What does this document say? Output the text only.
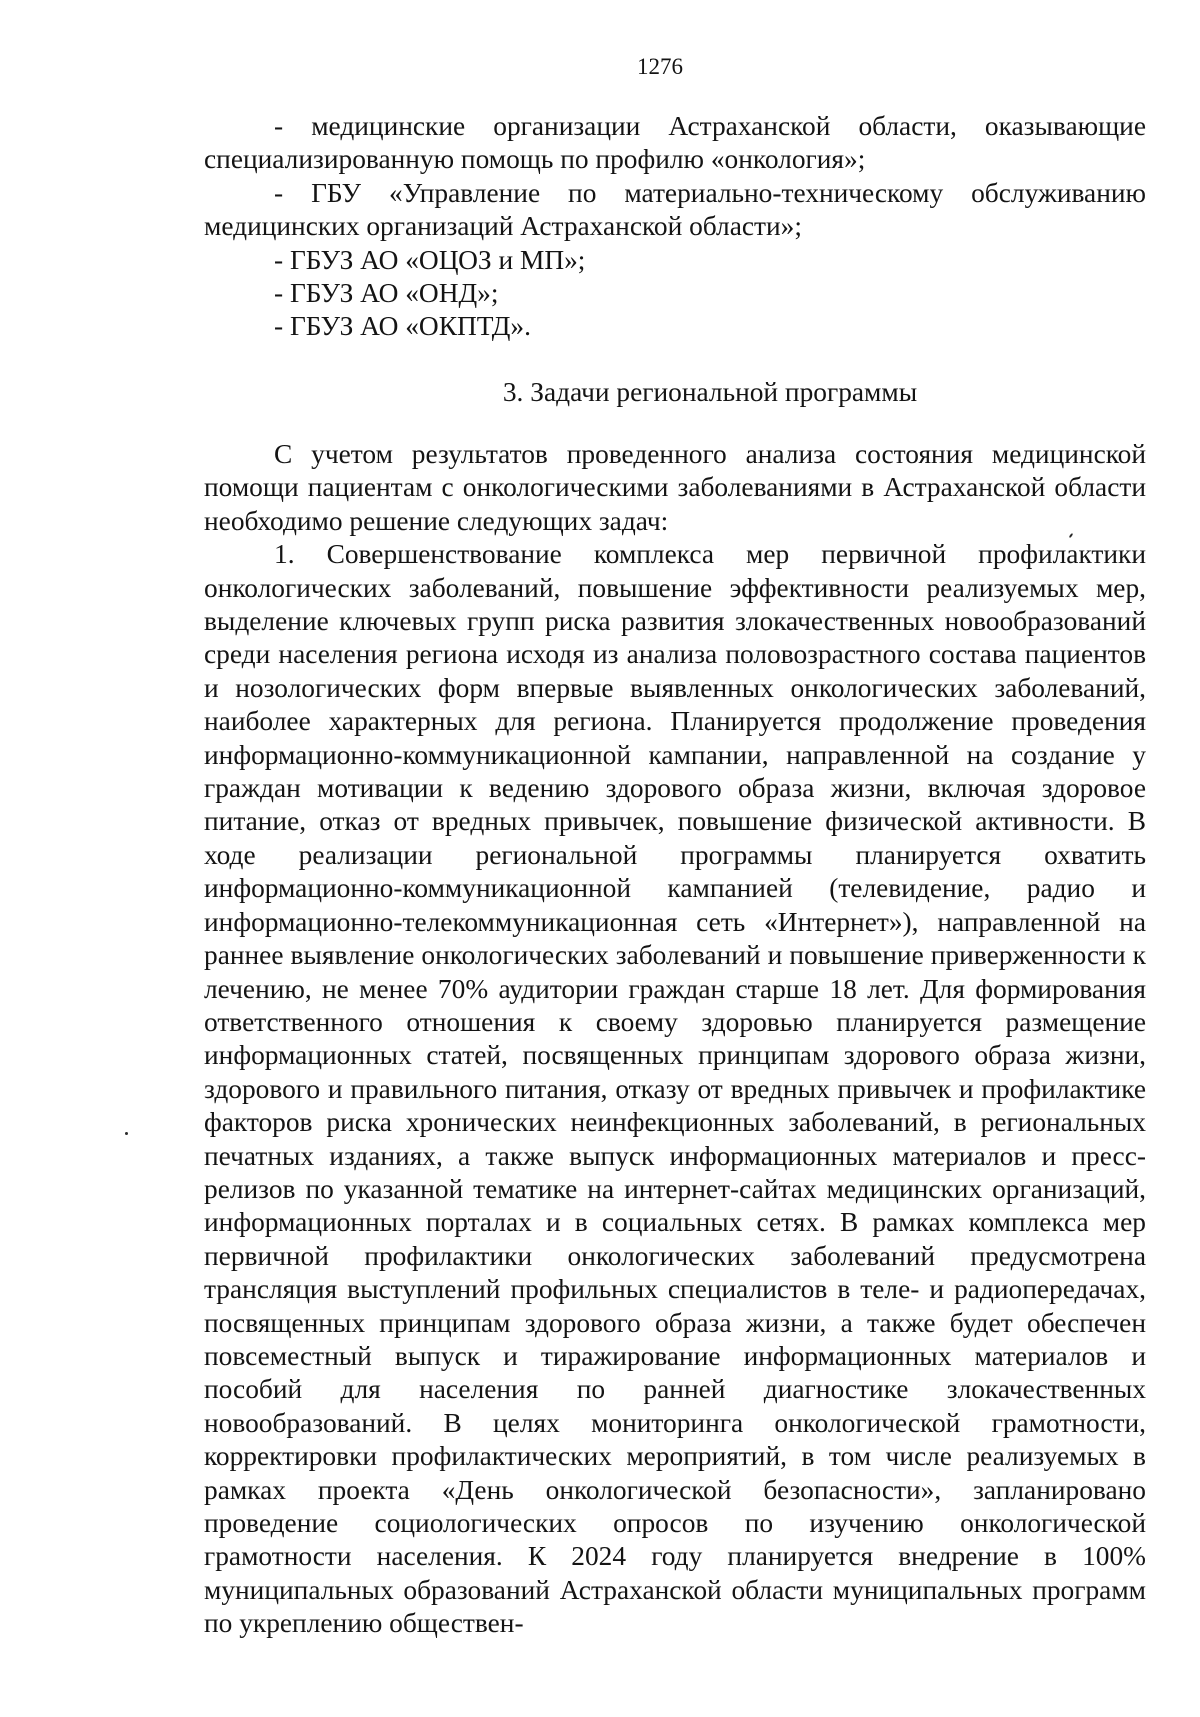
1276

- медицинские организации Астраханской области, оказывающие специализированную помощь по профилю «онкология»;

- ГБУ «Управление по материально-техническому обслуживанию медицинских организаций Астраханской области»;

- ГБУЗ АО «ОЦОЗ и МП»;

- ГБУЗ АО «ОНД»;

- ГБУЗ АО «ОКПТД».

3. Задачи региональной программы

С учетом результатов проведенного анализа состояния медицинской помощи пациентам с онкологическими заболеваниями в Астраханской области необходимо решение следующих задач:

1. Совершенствование комплекса мер первичной профилактики онкологических заболеваний, повышение эффективности реализуемых мер, выделение ключевых групп риска развития злокачественных новообразований среди населения региона исходя из анализа половозрастного состава пациентов и нозологических форм впервые выявленных онкологических заболеваний, наиболее характерных для региона. Планируется продолжение проведения информационно-коммуникационной кампании, направленной на создание у граждан мотивации к ведению здорового образа жизни, включая здоровое питание, отказ от вредных привычек, повышение физической активности. В ходе реализации региональной программы планируется охватить информационно-коммуникационной кампанией (телевидение, радио и информационно-телекоммуникационная сеть «Интернет»), направленной на раннее выявление онкологических заболеваний и повышение приверженности к лечению, не менее 70% аудитории граждан старше 18 лет. Для формирования ответственного отношения к своему здоровью планируется размещение информационных статей, посвященных принципам здорового образа жизни, здорового и правильного питания, отказу от вредных привычек и профилактике факторов риска хронических неинфекционных заболеваний, в региональных печатных изданиях, а также выпуск информационных материалов и пресс-релизов по указанной тематике на интернет-сайтах медицинских организаций, информационных порталах и в социальных сетях. В рамках комплекса мер первичной профилактики онкологических заболеваний предусмотрена трансляция выступлений профильных специалистов в теле- и радиопередачах, посвященных принципам здорового образа жизни, а также будет обеспечен повсеместный выпуск и тиражирование информационных материалов и пособий для населения по ранней диагностике злокачественных новообразований. В целях мониторинга онкологической грамотности, корректировки профилактических мероприятий, в том числе реализуемых в рамках проекта «День онкологической безопасности», запланировано проведение социологических опросов по изучению онкологической грамотности населения. К 2024 году планируется внедрение в 100% муниципальных образований Астраханской области муниципальных программ по укреплению обществен-
